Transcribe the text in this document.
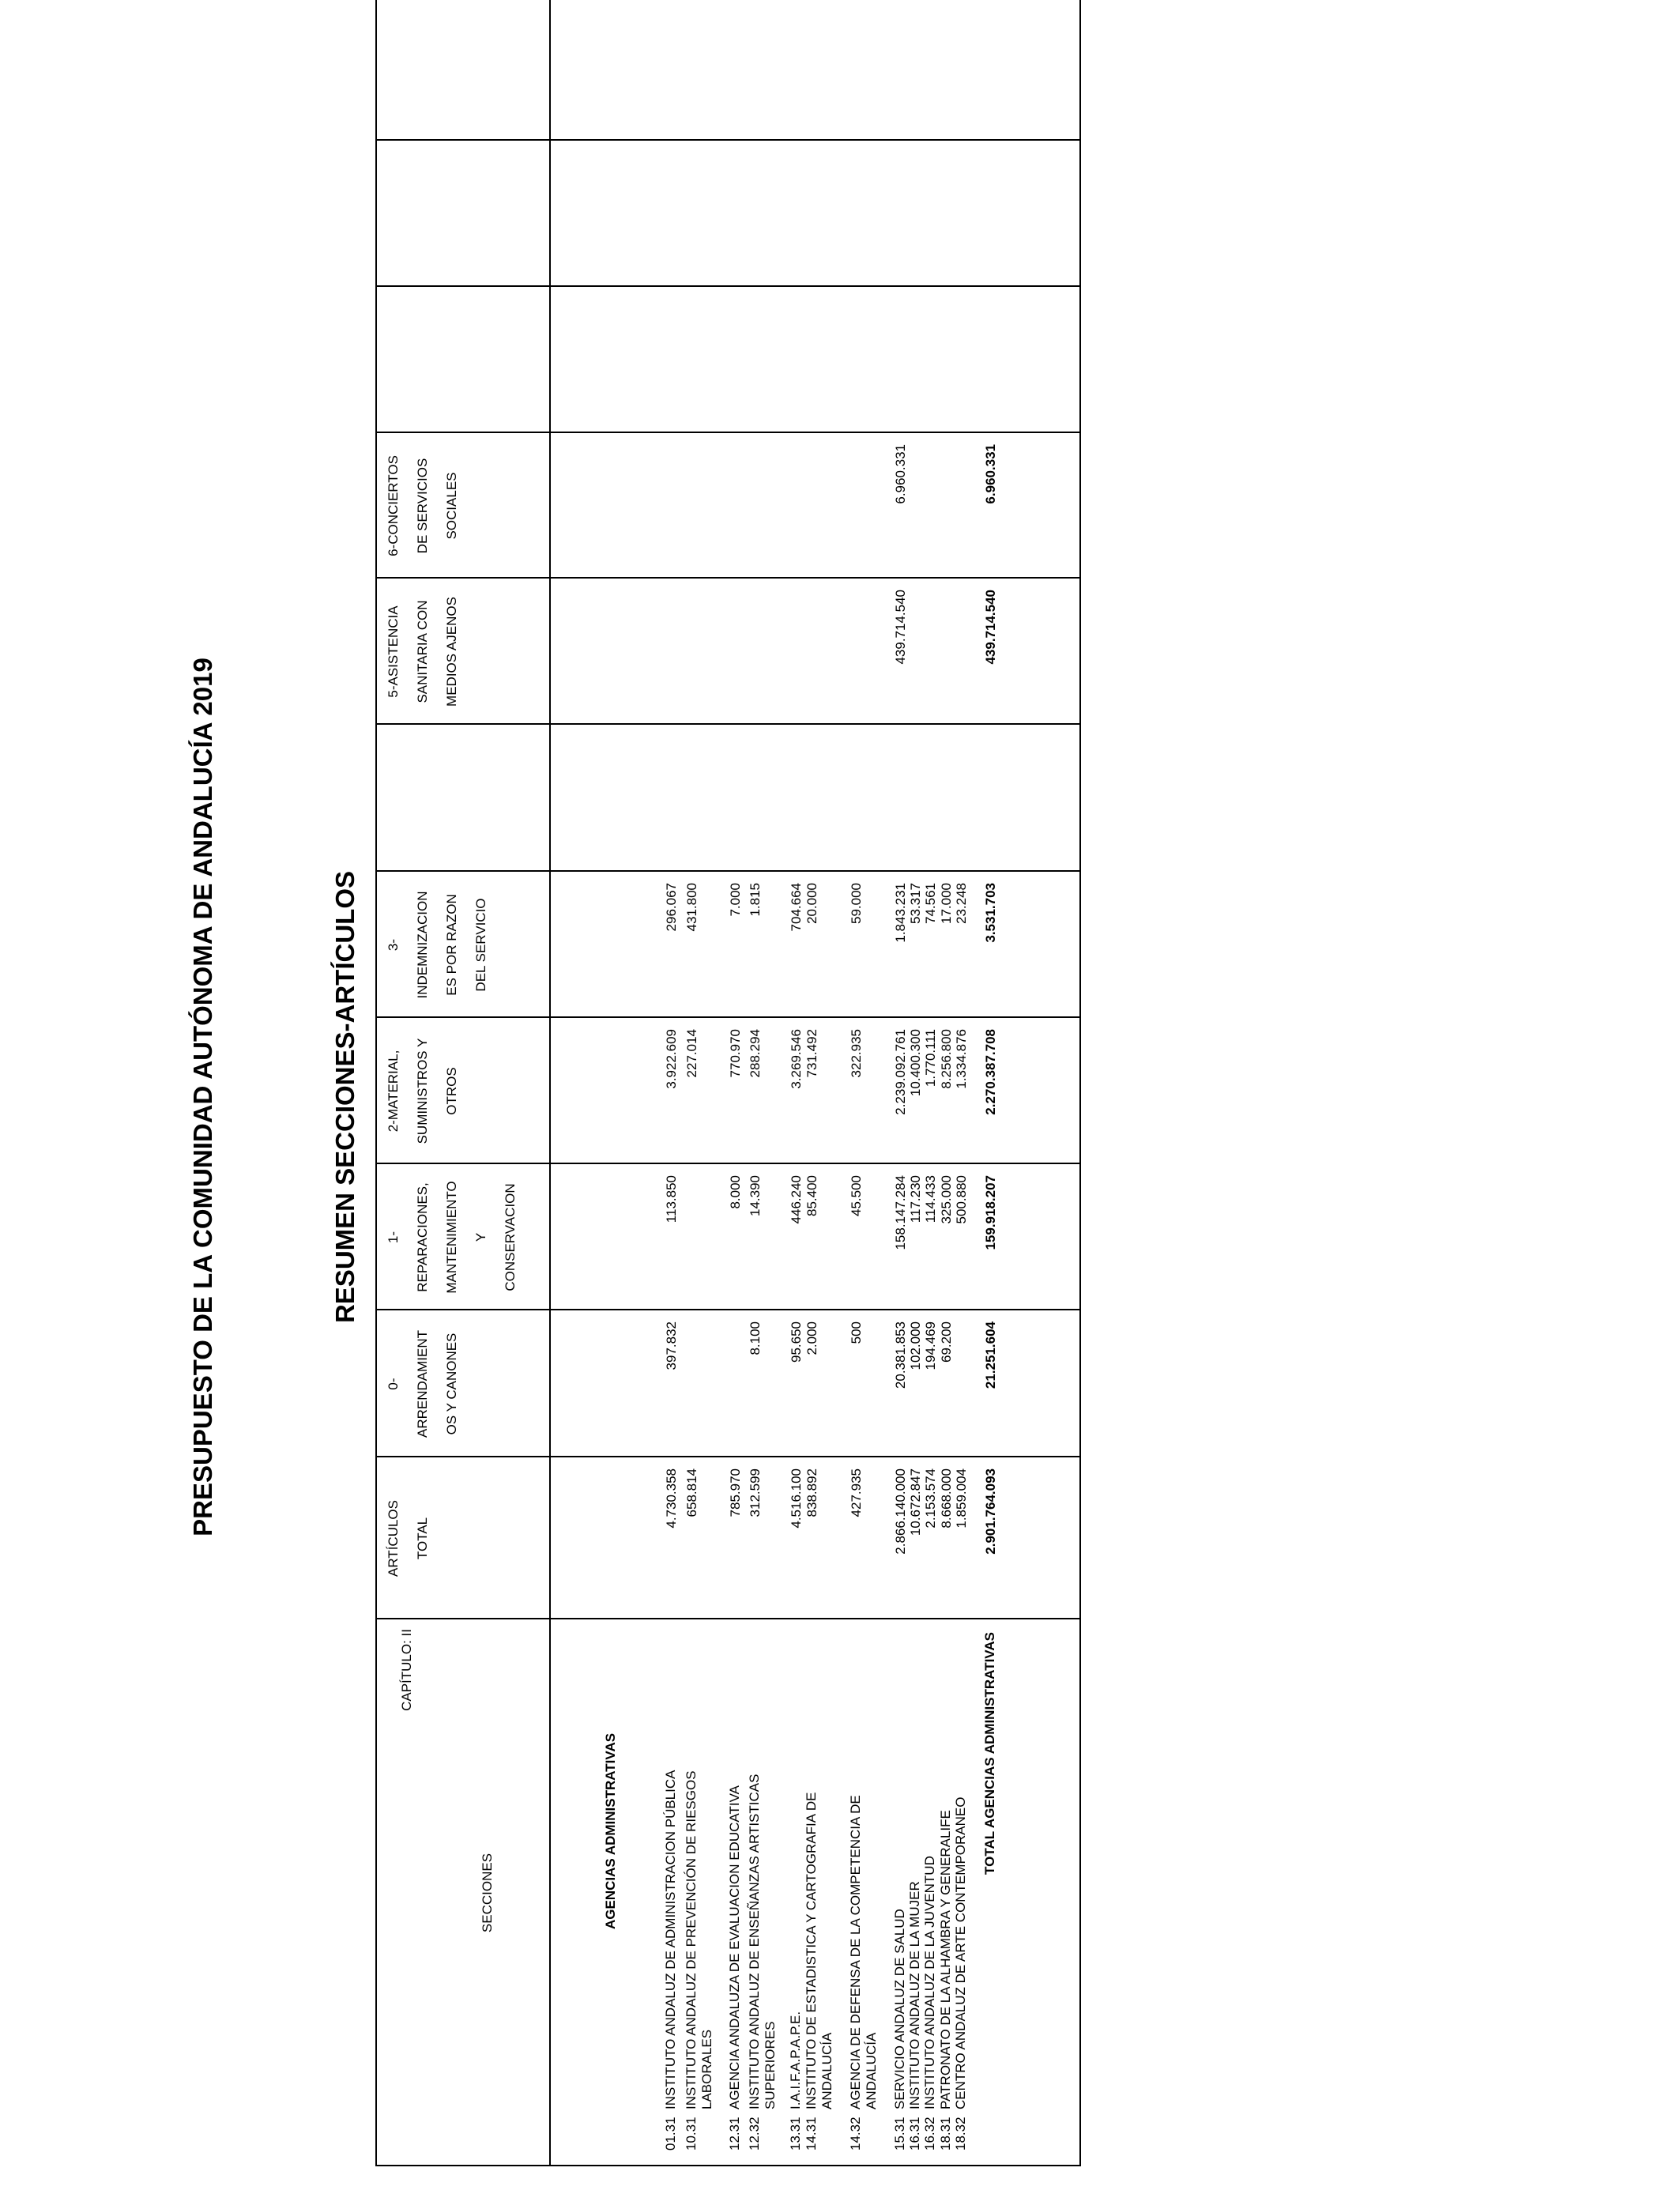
PRESUPUESTO DE LA COMUNIDAD AUTÓNOMA DE ANDALUCÍA 2019	RESUMEN SECCIONES-ARTÍCULOS
CAPÍTULO: II
SECCIONES
ARTÍCULOS
TOTAL
0-
ARRENDAMIENT
OS Y CANONES
1-
REPARACIONES,
MANTENIMIENTO
Y
CONSERVACION
2-MATERIAL,
SUMINISTROS Y
OTROS
3-
INDEMNIZACION
ES POR RAZON
DEL SERVICIO
5-ASISTENCIA
SANITARIA CON
MEDIOS AJENOS
6-CONCIERTOS
DE SERVICIOS
SOCIALES
AGENCIAS ADMINISTRATIVAS
01.31
INSTITUTO ANDALUZ DE ADMINISTRACION PÚBLICA
4.730.358
397.832
113.850
3.922.609
296.067
10.31
INSTITUTO ANDALUZ DE PREVENCIÓN DE RIESGOS LABORALES
658.814
227.014
431.800
12.31
AGENCIA ANDALUZA DE EVALUACION EDUCATIVA
785.970
8.000
770.970
7.000
12.32
INSTITUTO ANDALUZ DE ENSEÑANZAS ARTISTICAS SUPERIORES
312.599
8.100
14.390
288.294
1.815
13.31
I.A.I.F.A.P.A.P.E.
4.516.100
95.650
446.240
3.269.546
704.664
14.31
INSTITUTO DE ESTADISTICA Y CARTOGRAFIA DE ANDALUCÍA
838.892
2.000
85.400
731.492
20.000
14.32
AGENCIA DE DEFENSA DE LA COMPETENCIA DE ANDALUCÍA
427.935
500
45.500
322.935
59.000
15.31
SERVICIO ANDALUZ DE SALUD
2.866.140.000
20.381.853
158.147.284
2.239.092.761
1.843.231
439.714.540
6.960.331
16.31
INSTITUTO ANDALUZ DE LA MUJER
10.672.847
102.000
117.230
10.400.300
53.317
16.32
INSTITUTO ANDALUZ DE LA JUVENTUD
2.153.574
194.469
114.433
1.770.111
74.561
18.31
PATRONATO DE LA ALHAMBRA Y GENERALIFE
8.668.000
69.200
325.000
8.256.800
17.000
18.32
CENTRO ANDALUZ DE ARTE CONTEMPORANEO
1.859.004
500.880
1.334.876
23.248
TOTAL AGENCIAS ADMINISTRATIVAS
2.901.764.093
21.251.604
159.918.207
2.270.387.708
3.531.703
439.714.540
6.960.331
